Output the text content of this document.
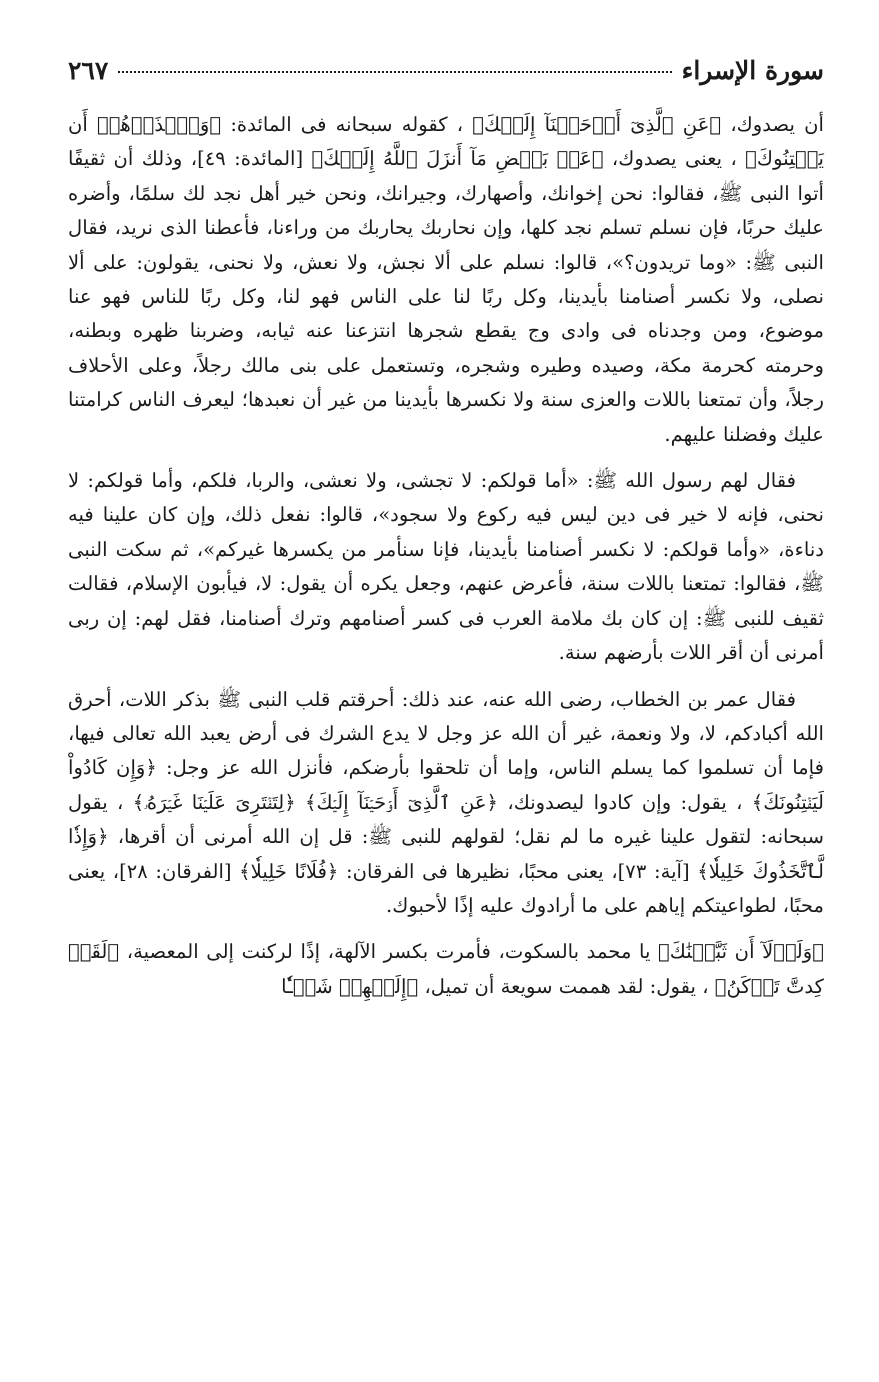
سورة الإسراء
٢٦٧

أن يصدوك، ﴿عَنِ ٱلَّذِىٓ أَوۡحَيۡنَآ إِلَيۡكَ﴾ ، كقوله سبحانه فى المائدة: ﴿وَٱحۡذَرۡهُمۡ أَن يَفۡتِنُوكَ﴾ ، يعنى يصدوك، ﴿عَنۢ بَعۡضِ مَآ أَنزَلَ ٱللَّهُ إِلَيۡكَ﴾ [المائدة: ٤٩]، وذلك أن ثقيفًا أتوا النبى ﷺ، فقالوا: نحن إخوانك، وأصهارك، وجيرانك، ونحن خير أهل نجد لك سلمًا، وأضره عليك حربًا، فإن نسلم تسلم نجد كلها، وإن نحاربك يحاربك من وراءنا، فأعطنا الذى نريد، فقال النبى ﷺ: «وما تريدون؟»، قالوا: نسلم على ألا نجش، ولا نعش، ولا نحنى، يقولون: على ألا نصلى، ولا نكسر أصنامنا بأيدينا، وكل ربًا لنا على الناس فهو لنا، وكل ربًا للناس فهو عنا موضوع، ومن وجدناه فى وادى وج يقطع شجرها انتزعنا عنه ثيابه، وضربنا ظهره وبطنه، وحرمته كحرمة مكة، وصيده وطيره وشجره، وتستعمل على بنى مالك رجلاً، وعلى الأحلاف رجلاً، وأن تمتعنا باللات والعزى سنة ولا نكسرها بأيدينا من غير أن نعبدها؛ ليعرف الناس كرامتنا عليك وفضلنا عليهم.

فقال لهم رسول الله ﷺ: «أما قولكم: لا تجشى، ولا نعشى، والربا، فلكم، وأما قولكم: لا نحنى، فإنه لا خير فى دين ليس فيه ركوع ولا سجود»، قالوا: نفعل ذلك، وإن كان علينا فيه دناءة، «وأما قولكم: لا نكسر أصنامنا بأيدينا، فإنا سنأمر من يكسرها غيركم»، ثم سكت النبى ﷺ، فقالوا: تمتعنا باللات سنة، فأعرض عنهم، وجعل يكره أن يقول: لا، فيأبون الإسلام، فقالت ثقيف للنبى ﷺ: إن كان بك ملامة العرب فى كسر أصنامهم وترك أصنامنا، فقل لهم: إن ربى أمرنى أن أقر اللات بأرضهم سنة.

فقال عمر بن الخطاب، رضى الله عنه، عند ذلك: أحرقتم قلب النبى ﷺ بذكر اللات، أحرق الله أكبادكم، لا، ولا ونعمة، غير أن الله عز وجل لا يدع الشرك فى أرض يعبد الله تعالى فيها، فإما أن تسلموا كما يسلم الناس، وإما أن تلحقوا بأرضكم، فأنزل الله عز وجل: ﴿وَإِن كَادُواْ لَيَفۡتِنُونَكَ﴾ ، يقول: وإن كادوا ليصدونك، ﴿عَنِ ٱلَّذِىٓ أَوۡحَيۡنَآ إِلَيۡكَ﴾ ﴿لِتَفۡتَرِىَ عَلَيۡنَا غَيۡرَهُۥ﴾ ، يقول سبحانه: لتقول علينا غيره ما لم نقل؛ لقولهم للنبى ﷺ: قل إن الله أمرنى أن أقرها، ﴿وَإِذٗا لَّٱتَّخَذُوكَ خَلِيلٗا﴾ [آية: ٧٣]، يعنى محبًا، نظيرها فى الفرقان: ﴿فُلَانًا خَلِيلٗا﴾ [الفرقان: ٢٨]، يعنى محبًا، لطواعيتكم إياهم على ما أرادوك عليه إذًا لأحبوك.

﴿وَلَوۡلَآ أَن ثَبَّتۡنَٰكَ﴾ يا محمد بالسكوت، فأمرت بكسر الآلهة، إذًا لركنت إلى المعصية، ﴿لَقَدۡ كِدتَّ تَرۡكَنُ﴾ ، يقول: لقد هممت سويعة أن تميل، ﴿إِلَيۡهِمۡ شَيۡـٔٗا
